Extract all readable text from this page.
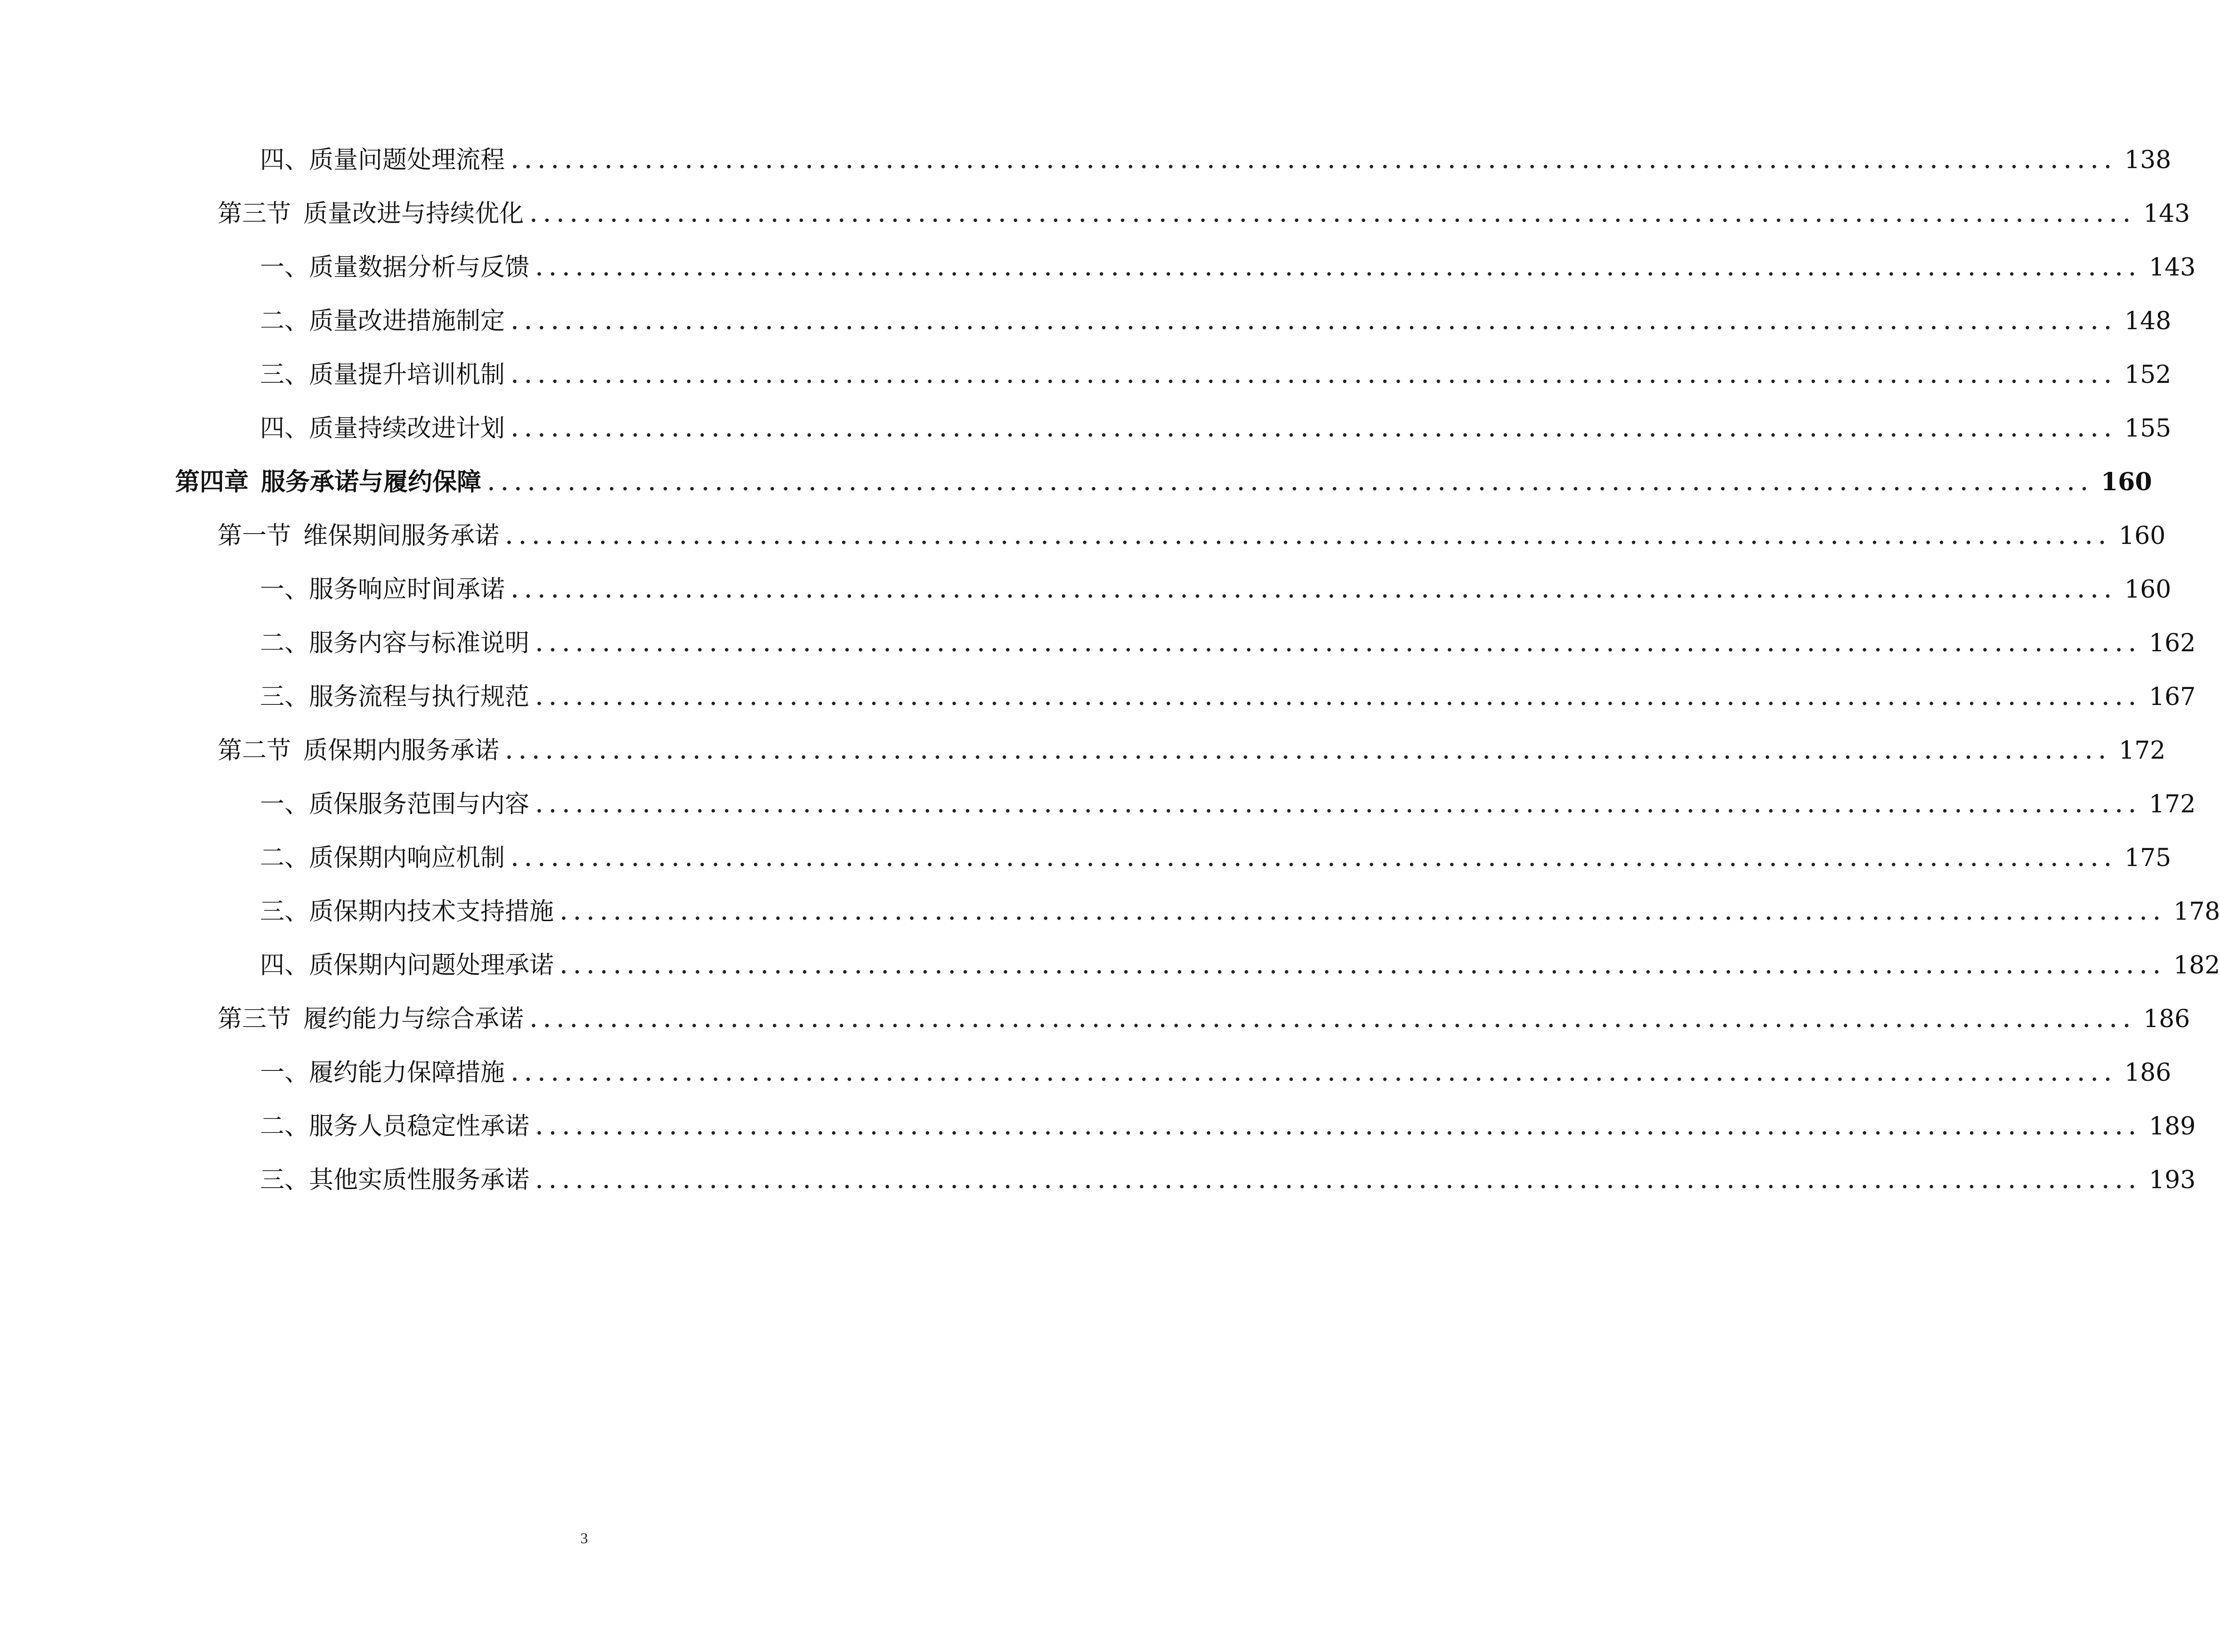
四、质量问题处理流程 ........................................................................................................................ 138
第三节 质量改进与持续优化 ........................................................................................................................ 143
一、质量数据分析与反馈 ........................................................................................................................ 143
二、质量改进措施制定 ........................................................................................................................ 148
三、质量提升培训机制 ........................................................................................................................ 152
四、质量持续改进计划 ........................................................................................................................ 155
第四章 服务承诺与履约保障 ........................................................................................................................ 160
第一节 维保期间服务承诺 ........................................................................................................................ 160
一、服务响应时间承诺 ........................................................................................................................ 160
二、服务内容与标准说明 ........................................................................................................................ 162
三、服务流程与执行规范 ........................................................................................................................ 167
第二节 质保期内服务承诺 ........................................................................................................................ 172
一、质保服务范围与内容 ........................................................................................................................ 172
二、质保期内响应机制 ........................................................................................................................ 175
三、质保期内技术支持措施 ........................................................................................................................ 178
四、质保期内问题处理承诺 ........................................................................................................................ 182
第三节 履约能力与综合承诺 ........................................................................................................................ 186
一、履约能力保障措施 ........................................................................................................................ 186
二、服务人员稳定性承诺 ........................................................................................................................ 189
三、其他实质性服务承诺 ........................................................................................................................ 193
3
